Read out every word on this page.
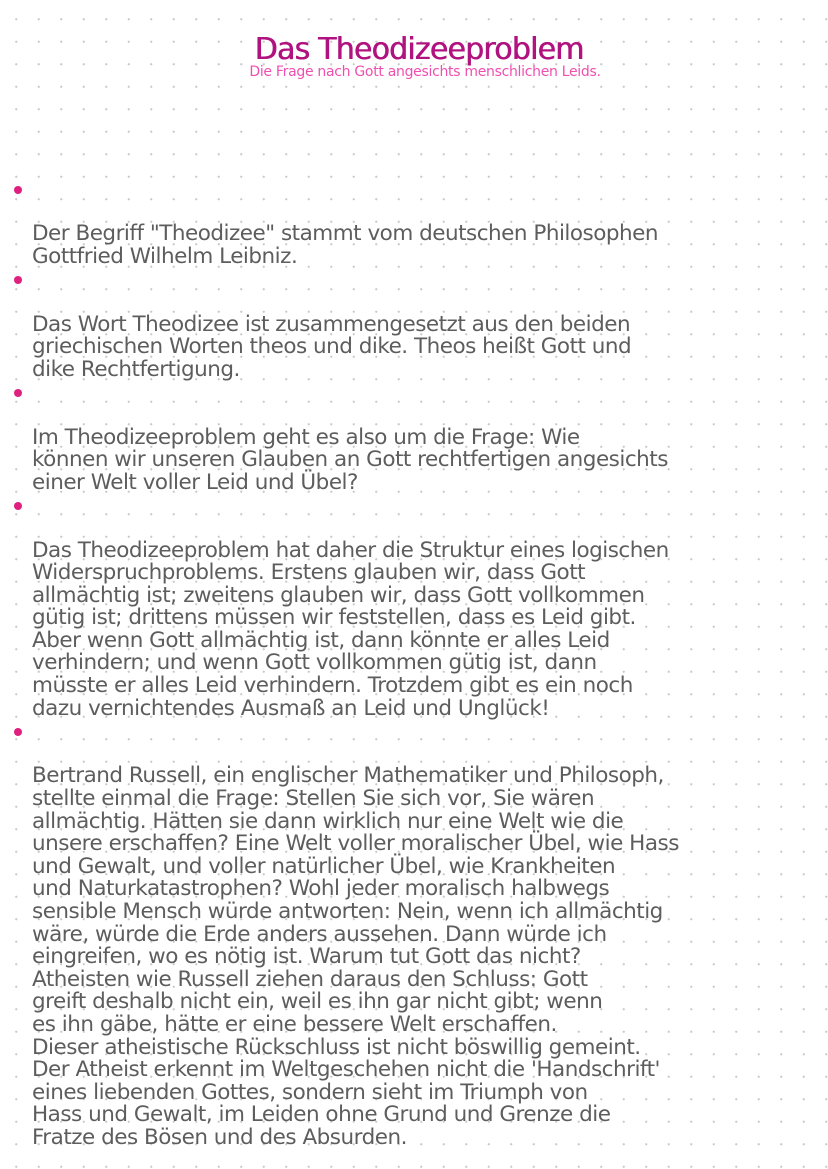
Das Theodizeeproblem
Die Frage nach Gott angesichts menschlichen Leids.

Der Begriff "Theodizee" stammt vom deutschen Philosophen
Gottfried Wilhelm Leibniz.

Das Wort Theodizee ist zusammengesetzt aus den beiden
griechischen Worten theos und dike. Theos heißt Gott und
dike Rechtfertigung.

Im Theodizeeproblem geht es also um die Frage: Wie
können wir unseren Glauben an Gott rechtfertigen angesichts
einer Welt voller Leid und Übel?

Das Theodizeeproblem hat daher die Struktur eines logischen
Widerspruchproblems. Erstens glauben wir, dass Gott
allmächtig ist; zweitens glauben wir, dass Gott vollkommen
gütig ist; drittens müssen wir feststellen, dass es Leid gibt.
Aber wenn Gott allmächtig ist, dann könnte er alles Leid
verhindern; und wenn Gott vollkommen gütig ist, dann
müsste er alles Leid verhindern. Trotzdem gibt es ein noch
dazu vernichtendes Ausmaß an Leid und Unglück!

Bertrand Russell, ein englischer Mathematiker und Philosoph,
stellte einmal die Frage: Stellen Sie sich vor, Sie wären
allmächtig. Hätten sie dann wirklich nur eine Welt wie die
unsere erschaffen? Eine Welt voller moralischer Übel, wie Hass
und Gewalt, und voller natürlicher Übel, wie Krankheiten
und Naturkatastrophen? Wohl jeder moralisch halbwegs
sensible Mensch würde antworten: Nein, wenn ich allmächtig
wäre, würde die Erde anders aussehen. Dann würde ich
eingreifen, wo es nötig ist. Warum tut Gott das nicht?
Atheisten wie Russell ziehen daraus den Schluss: Gott
greift deshalb nicht ein, weil es ihn gar nicht gibt; wenn
es ihn gäbe, hätte er eine bessere Welt erschaffen.
Dieser atheistische Rückschluss ist nicht böswillig gemeint.
Der Atheist erkennt im Weltgeschehen nicht die 'Handschrift'
eines liebenden Gottes, sondern sieht im Triumph von
Hass und Gewalt, im Leiden ohne Grund und Grenze die
Fratze des Bösen und des Absurden.
